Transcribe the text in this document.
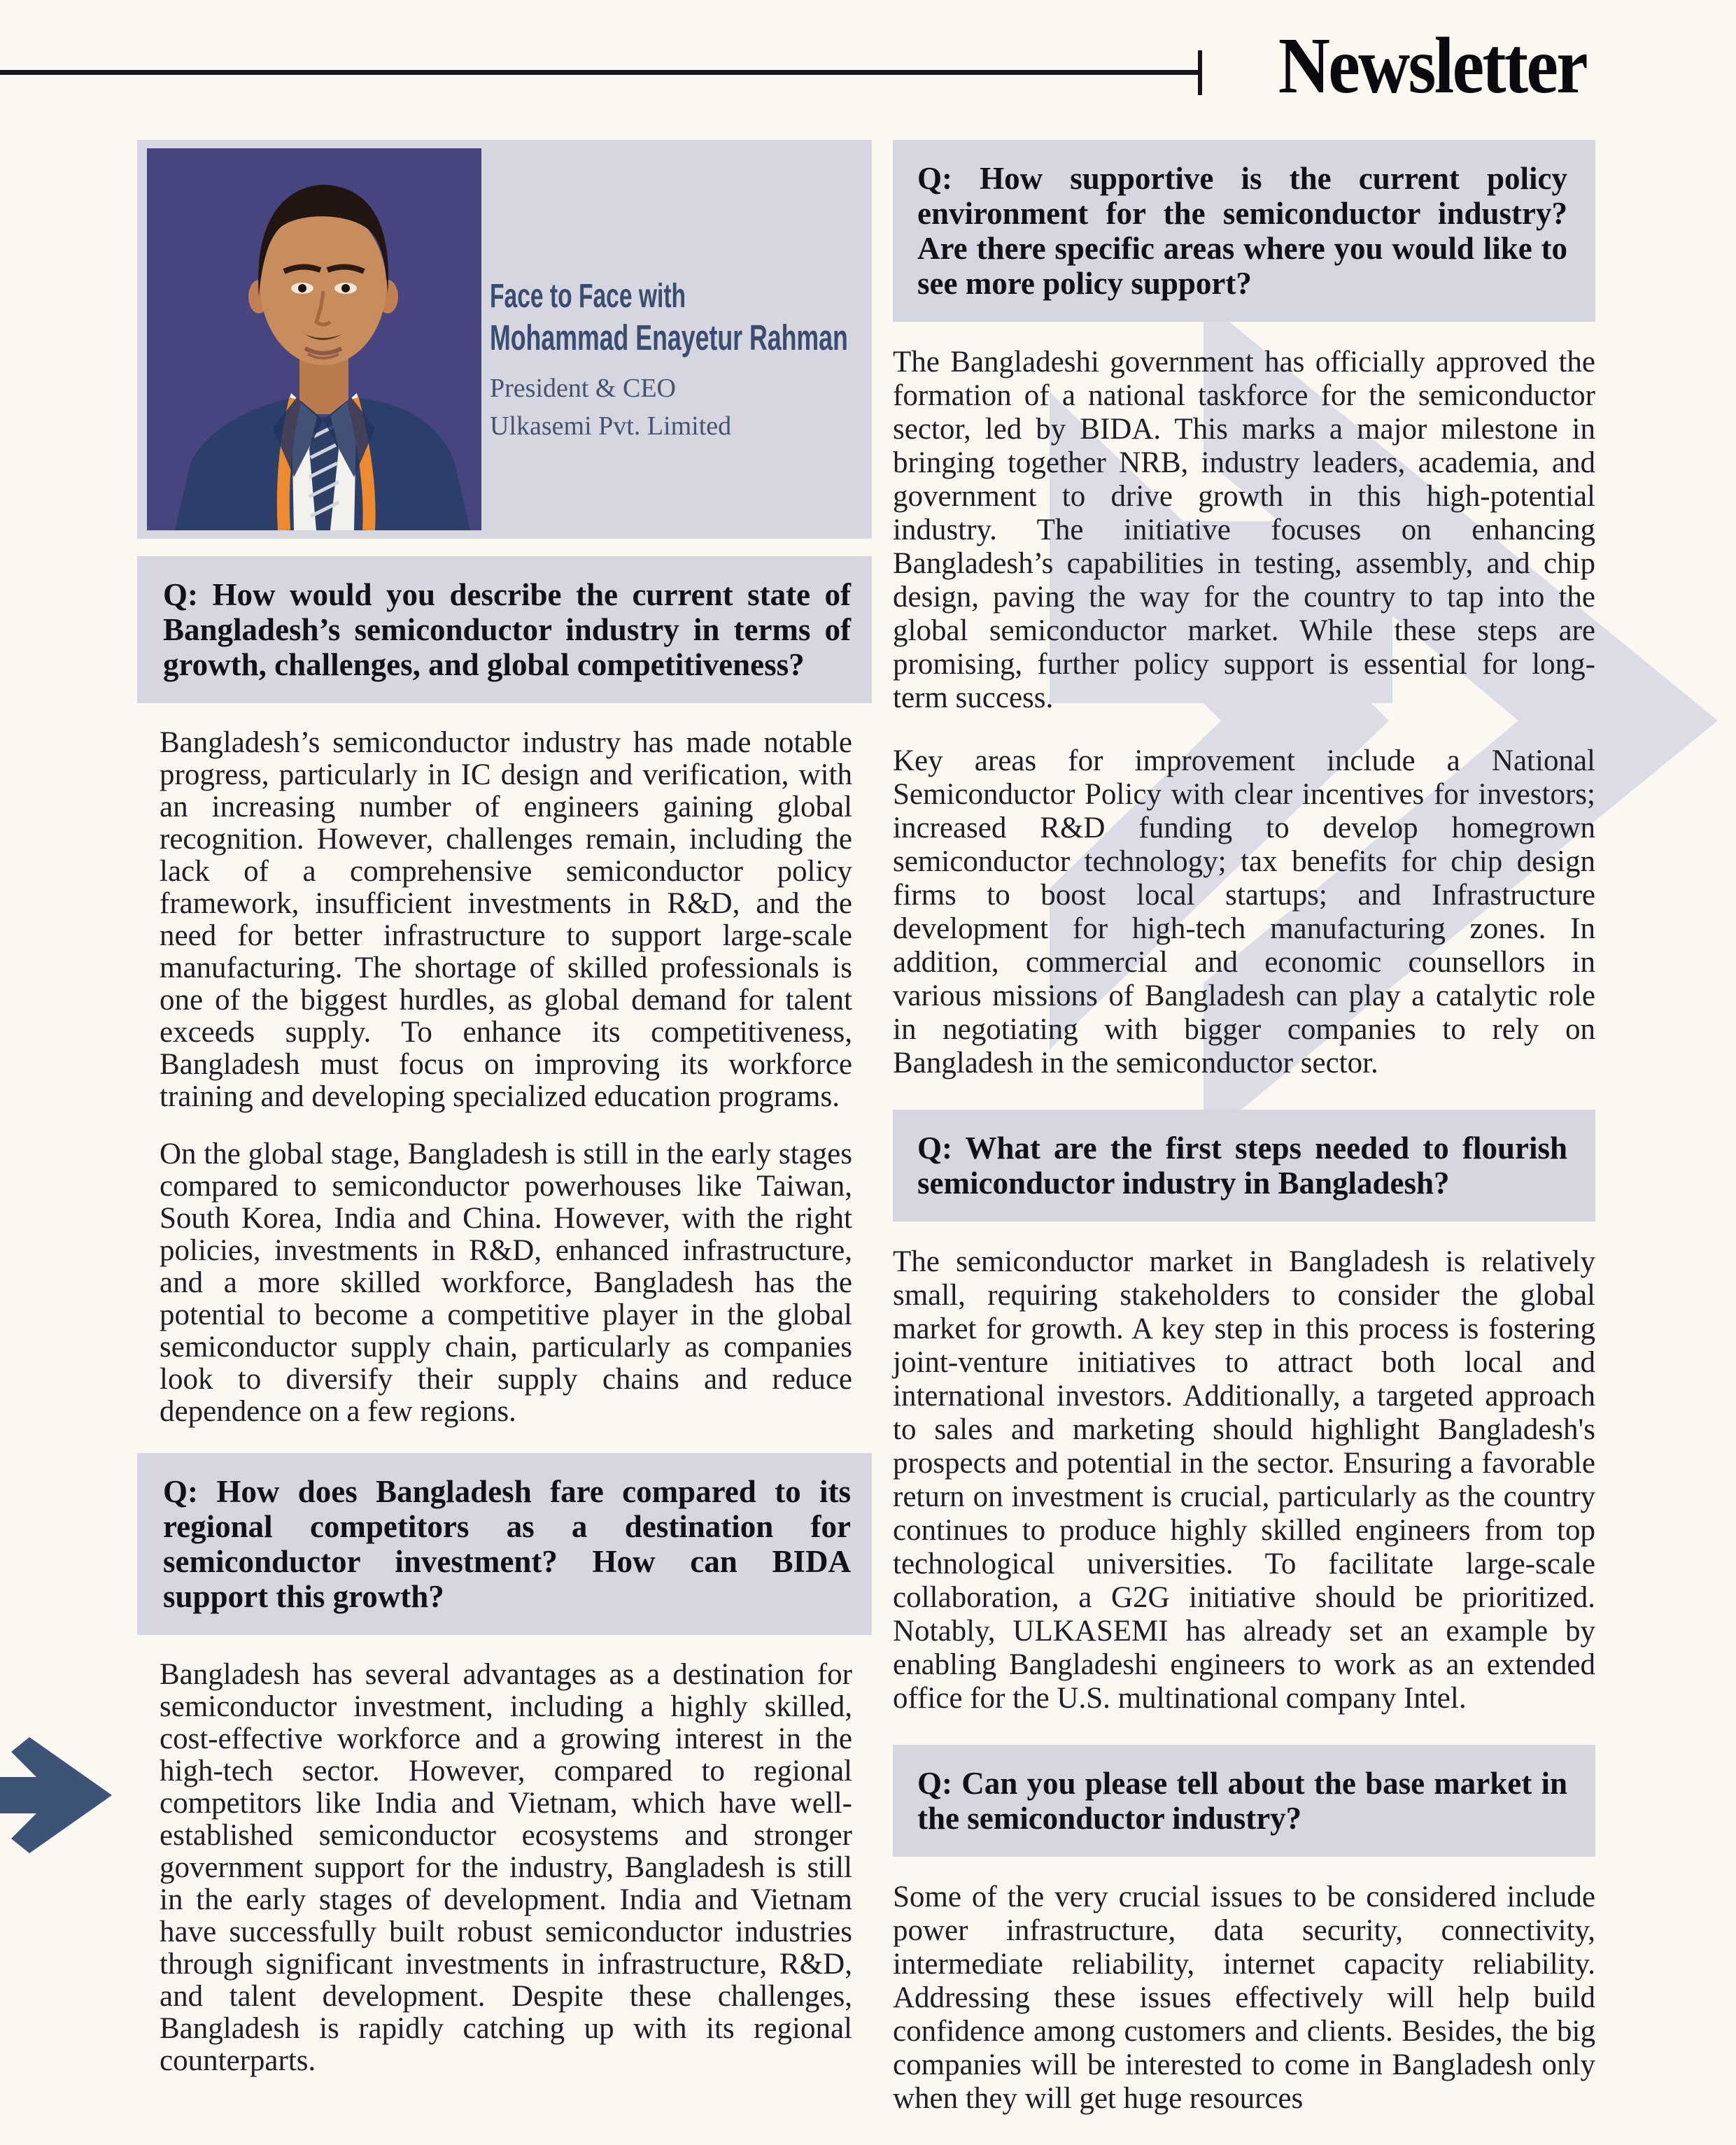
Newsletter
Face to Face with
Mohammad Enayetur Rahman
President & CEO
Ulkasemi Pvt. Limited
Q: How would you describe the current state of Bangladesh’s semiconductor industry in terms of growth, challenges, and global competitiveness?
Bangladesh’s semiconductor industry has made notable progress, particularly in IC design and verification, with an increasing number of engineers gaining global recognition. However, challenges remain, including the lack of a comprehensive semiconductor policy framework, insufficient investments in R&D, and the need for better infrastructure to support large-scale manufacturing. The shortage of skilled professionals is one of the biggest hurdles, as global demand for talent exceeds supply. To enhance its competitiveness, Bangladesh must focus on improving its workforce training and developing specialized education programs.
On the global stage, Bangladesh is still in the early stages compared to semiconductor powerhouses like Taiwan, South Korea, India and China. However, with the right policies, investments in R&D, enhanced infrastructure, and a more skilled workforce, Bangladesh has the potential to become a competitive player in the global semiconductor supply chain, particularly as companies look to diversify their supply chains and reduce dependence on a few regions.
Q: How does Bangladesh fare compared to its regional competitors as a destination for semiconductor investment? How can BIDA support this growth?
Bangladesh has several advantages as a destination for semiconductor investment, including a highly skilled, cost-effective workforce and a growing interest in the high-tech sector. However, compared to regional competitors like India and Vietnam, which have well-established semiconductor ecosystems and stronger government support for the industry, Bangladesh is still in the early stages of development. India and Vietnam have successfully built robust semiconductor industries through significant investments in infrastructure, R&D, and talent development. Despite these challenges, Bangladesh is rapidly catching up with its regional counterparts.
Q: How supportive is the current policy environment for the semiconductor industry? Are there specific areas where you would like to see more policy support?
The Bangladeshi government has officially approved the formation of a national taskforce for the semiconductor sector, led by BIDA. This marks a major milestone in bringing together NRB, industry leaders, academia, and government to drive growth in this high-potential industry. The initiative focuses on enhancing Bangladesh’s capabilities in testing, assembly, and chip design, paving the way for the country to tap into the global semiconductor market. While these steps are promising, further policy support is essential for long-term success.
Key areas for improvement include a National Semiconductor Policy with clear incentives for investors; increased R&D funding to develop homegrown semiconductor technology; tax benefits for chip design firms to boost local startups; and Infrastructure development for high-tech manufacturing zones. In addition, commercial and economic counsellors in various missions of Bangladesh can play a catalytic role in negotiating with bigger companies to rely on Bangladesh in the semiconductor sector.
Q: What are the first steps needed to flourish semiconductor industry in Bangladesh?
The semiconductor market in Bangladesh is relatively small, requiring stakeholders to consider the global market for growth. A key step in this process is fostering joint-venture initiatives to attract both local and international investors. Additionally, a targeted approach to sales and marketing should highlight Bangladesh's prospects and potential in the sector. Ensuring a favorable return on investment is crucial, particularly as the country continues to produce highly skilled engineers from top technological universities. To facilitate large-scale collaboration, a G2G initiative should be prioritized. Notably, ULKASEMI has already set an example by enabling Bangladeshi engineers to work as an extended office for the U.S. multinational company Intel.
Q: Can you please tell about the base market in the semiconductor industry?
Some of the very crucial issues to be considered include power infrastructure, data security, connectivity, intermediate reliability, internet capacity reliability. Addressing these issues effectively will help build confidence among customers and clients. Besides, the big companies will be interested to come in Bangladesh only when they will get huge resources
